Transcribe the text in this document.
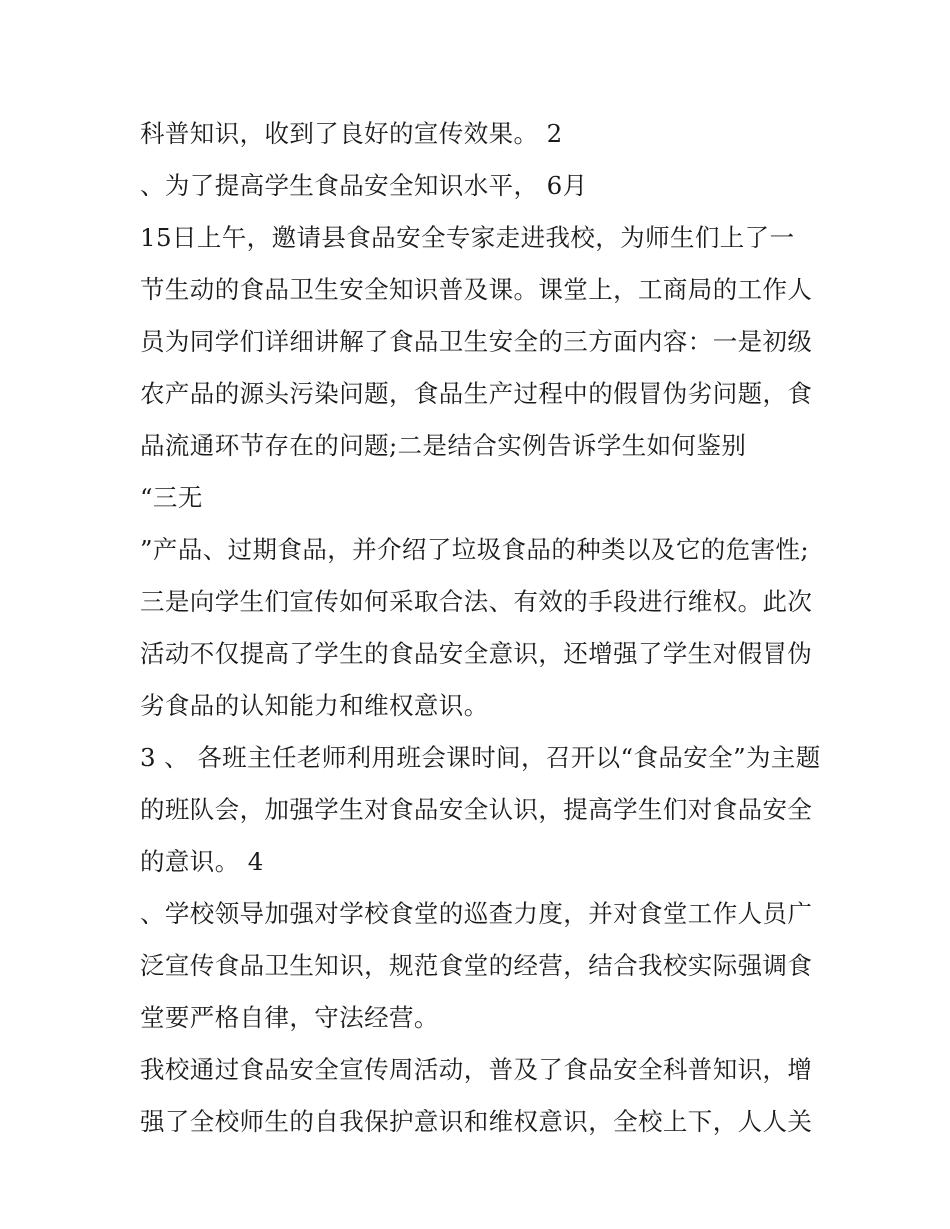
科普知识，收到了良好的宣传效果。 2
、为了提高学生食品安全知识水平， 6月
15日上午，邀请县食品安全专家走进我校，为师生们上了一
节生动的食品卫生安全知识普及课。课堂上，工商局的工作人
员为同学们详细讲解了食品卫生安全的三方面内容：一是初级
农产品的源头污染问题，食品生产过程中的假冒伪劣问题，食
品流通环节存在的问题;二是结合实例告诉学生如何鉴别
“三无
”产品、过期食品，并介绍了垃圾食品的种类以及它的危害性;
三是向学生们宣传如何采取合法、有效的手段进行维权。此次
活动不仅提高了学生的食品安全意识，还增强了学生对假冒伪
劣食品的认知能力和维权意识。
3 、 各班主任老师利用班会课时间，召开以“食品安全”为主题
的班队会，加强学生对食品安全认识，提高学生们对食品安全
的意识。 4
、学校领导加强对学校食堂的巡查力度，并对食堂工作人员广
泛宣传食品卫生知识，规范食堂的经营，结合我校实际强调食
堂要严格自律，守法经营。
我校通过食品安全宣传周活动，普及了食品安全科普知识，增
强了全校师生的自我保护意识和维权意识，全校上下，人人关
